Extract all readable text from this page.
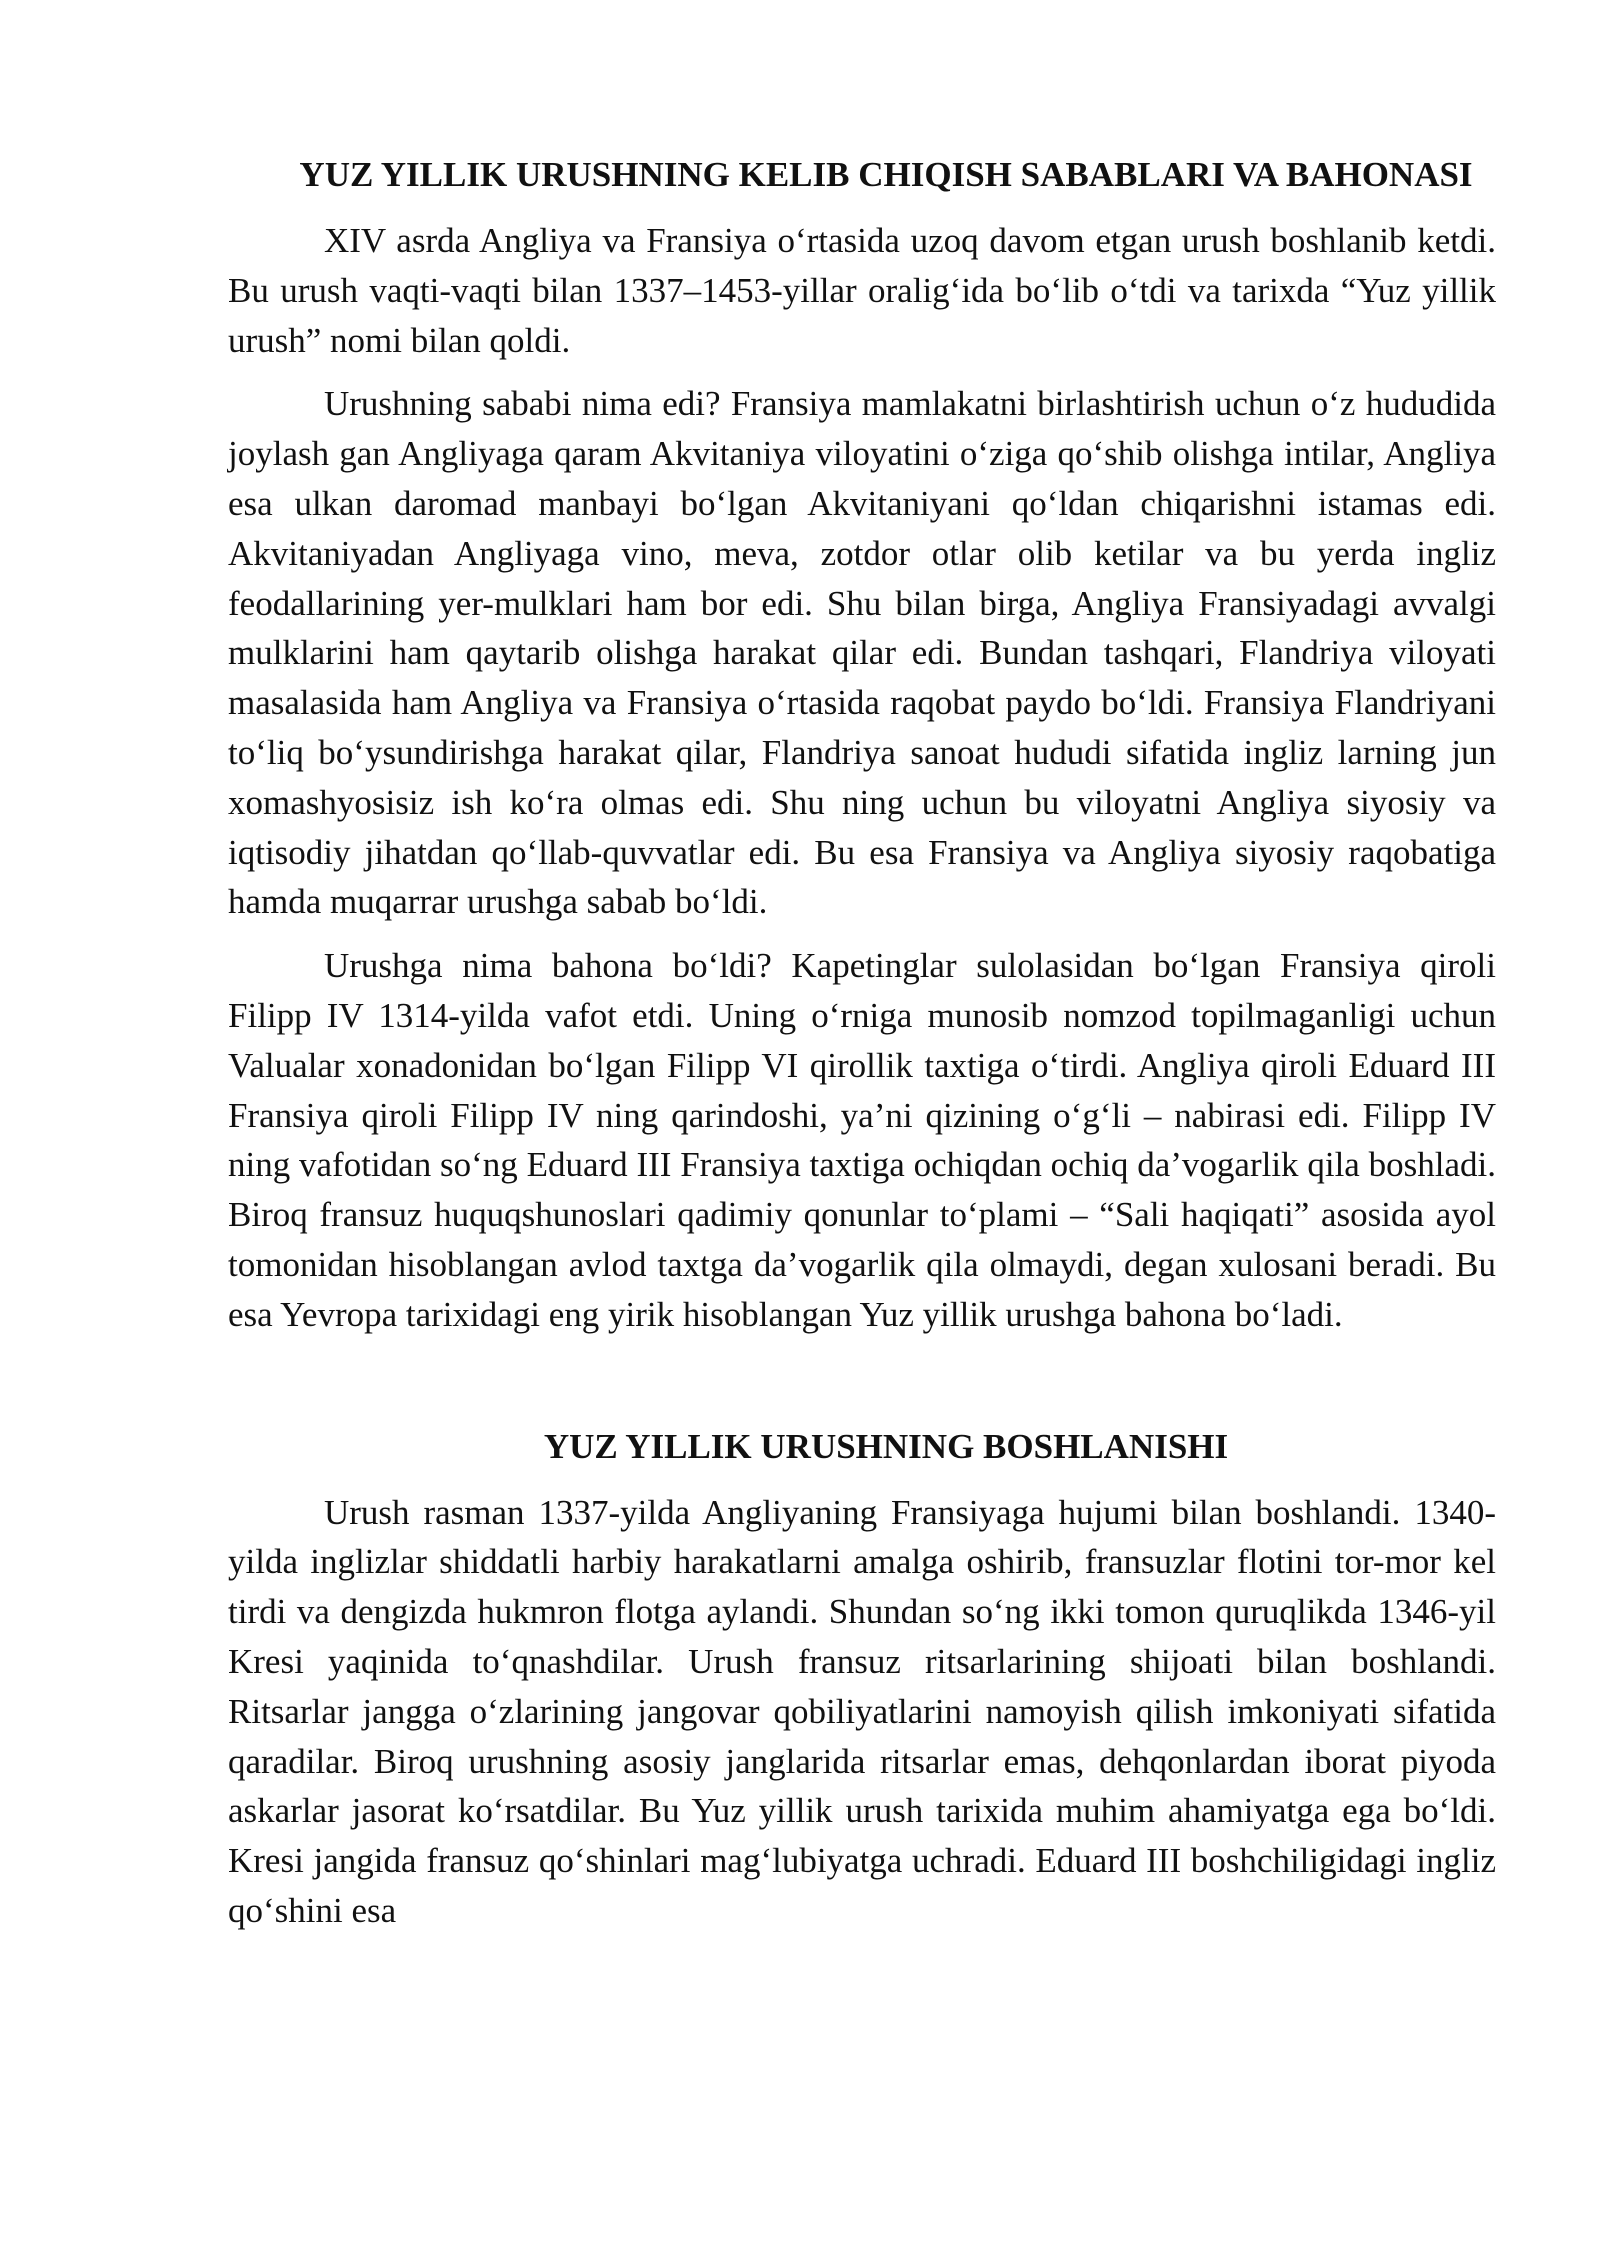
YUZ YILLIK URUSHNING KELIB CHIQISH SABABLARI VA BAHONASI

XIV asrda Angliya va Fransiya o‘rtasida uzoq davom etgan urush boshlanib ketdi. Bu urush vaqti-vaqti bilan 1337–1453-yillar oralig‘ida bo‘lib o‘tdi va tarixda “Yuz yillik urush” nomi bilan qoldi.

Urushning sababi nima edi? Fransiya mamlakatni birlashtirish uchun o‘z hududida joylash gan Angliyaga qaram Akvitaniya viloyatini o‘ziga qo‘shib olishga intilar, Angliya esa ulkan daromad manbayi bo‘lgan Akvitaniyani qo‘ldan chiqarishni istamas edi. Akvitaniyadan Angliyaga vino, meva, zotdor otlar olib ketilar va bu yerda ingliz feodallarining yer-mulklari ham bor edi. Shu bilan birga, Angliya Fransiyadagi avvalgi mulklarini ham qaytarib olishga harakat qilar edi. Bundan tashqari, Flandriya viloyati masalasida ham Angliya va Fransiya o‘rtasida raqobat paydo bo‘ldi. Fransiya Flandriyani to‘liq bo‘ysundirishga harakat qilar, Flandriya sanoat hududi sifatida ingliz larning jun xomashyosisiz ish ko‘ra olmas edi. Shu ning uchun bu viloyatni Angliya siyosiy va iqtisodiy jihatdan qo‘llab-quvvatlar edi. Bu esa Fransiya va Angliya siyosiy raqobatiga hamda muqarrar urushga sabab bo‘ldi.

Urushga nima bahona bo‘ldi? Kapetinglar sulolasidan bo‘lgan Fransiya qiroli Filipp IV 1314-yilda vafot etdi. Uning o‘rniga munosib nomzod topilmaganligi uchun Valualar xonadonidan bo‘lgan Filipp VI qirollik taxtiga o‘tirdi. Angliya qiroli Eduard III Fransiya qiroli Filipp IV ning qarindoshi, ya’ni qizining o‘g‘li – nabirasi edi. Filipp IV ning vafotidan so‘ng Eduard III Fransiya taxtiga ochiqdan ochiq da’vogarlik qila boshladi. Biroq fransuz huquqshunoslari qadimiy qonunlar to‘plami – “Sali haqiqati” asosida ayol tomonidan hisoblangan avlod taxtga da’vogarlik qila olmaydi, degan xulosani beradi. Bu esa Yevropa tarixidagi eng yirik hisoblangan Yuz yillik urushga bahona bo‘ladi.

YUZ YILLIK URUSHNING BOSHLANISHI

Urush rasman 1337-yilda Angliyaning Fransiyaga hujumi bilan boshlandi. 1340-yilda inglizlar shiddatli harbiy harakatlarni amalga oshirib, fransuzlar flotini tor-mor kel tirdi va dengizda hukmron flotga aylandi. Shundan so‘ng ikki tomon quruqlikda 1346-yil Kresi yaqinida to‘qnashdilar. Urush fransuz ritsarlarining shijoati bilan boshlandi. Ritsarlar jangga o‘zlarining jangovar qobiliyatlarini namoyish qilish imkoniyati sifatida qaradilar. Biroq urushning asosiy janglarida ritsarlar emas, dehqonlardan iborat piyoda askarlar jasorat ko‘rsatdilar. Bu Yuz yillik urush tarixida muhim ahamiyatga ega bo‘ldi. Kresi jangida fransuz qo‘shinlari mag‘lubiyatga uchradi. Eduard III boshchiligidagi ingliz qo‘shini esa
